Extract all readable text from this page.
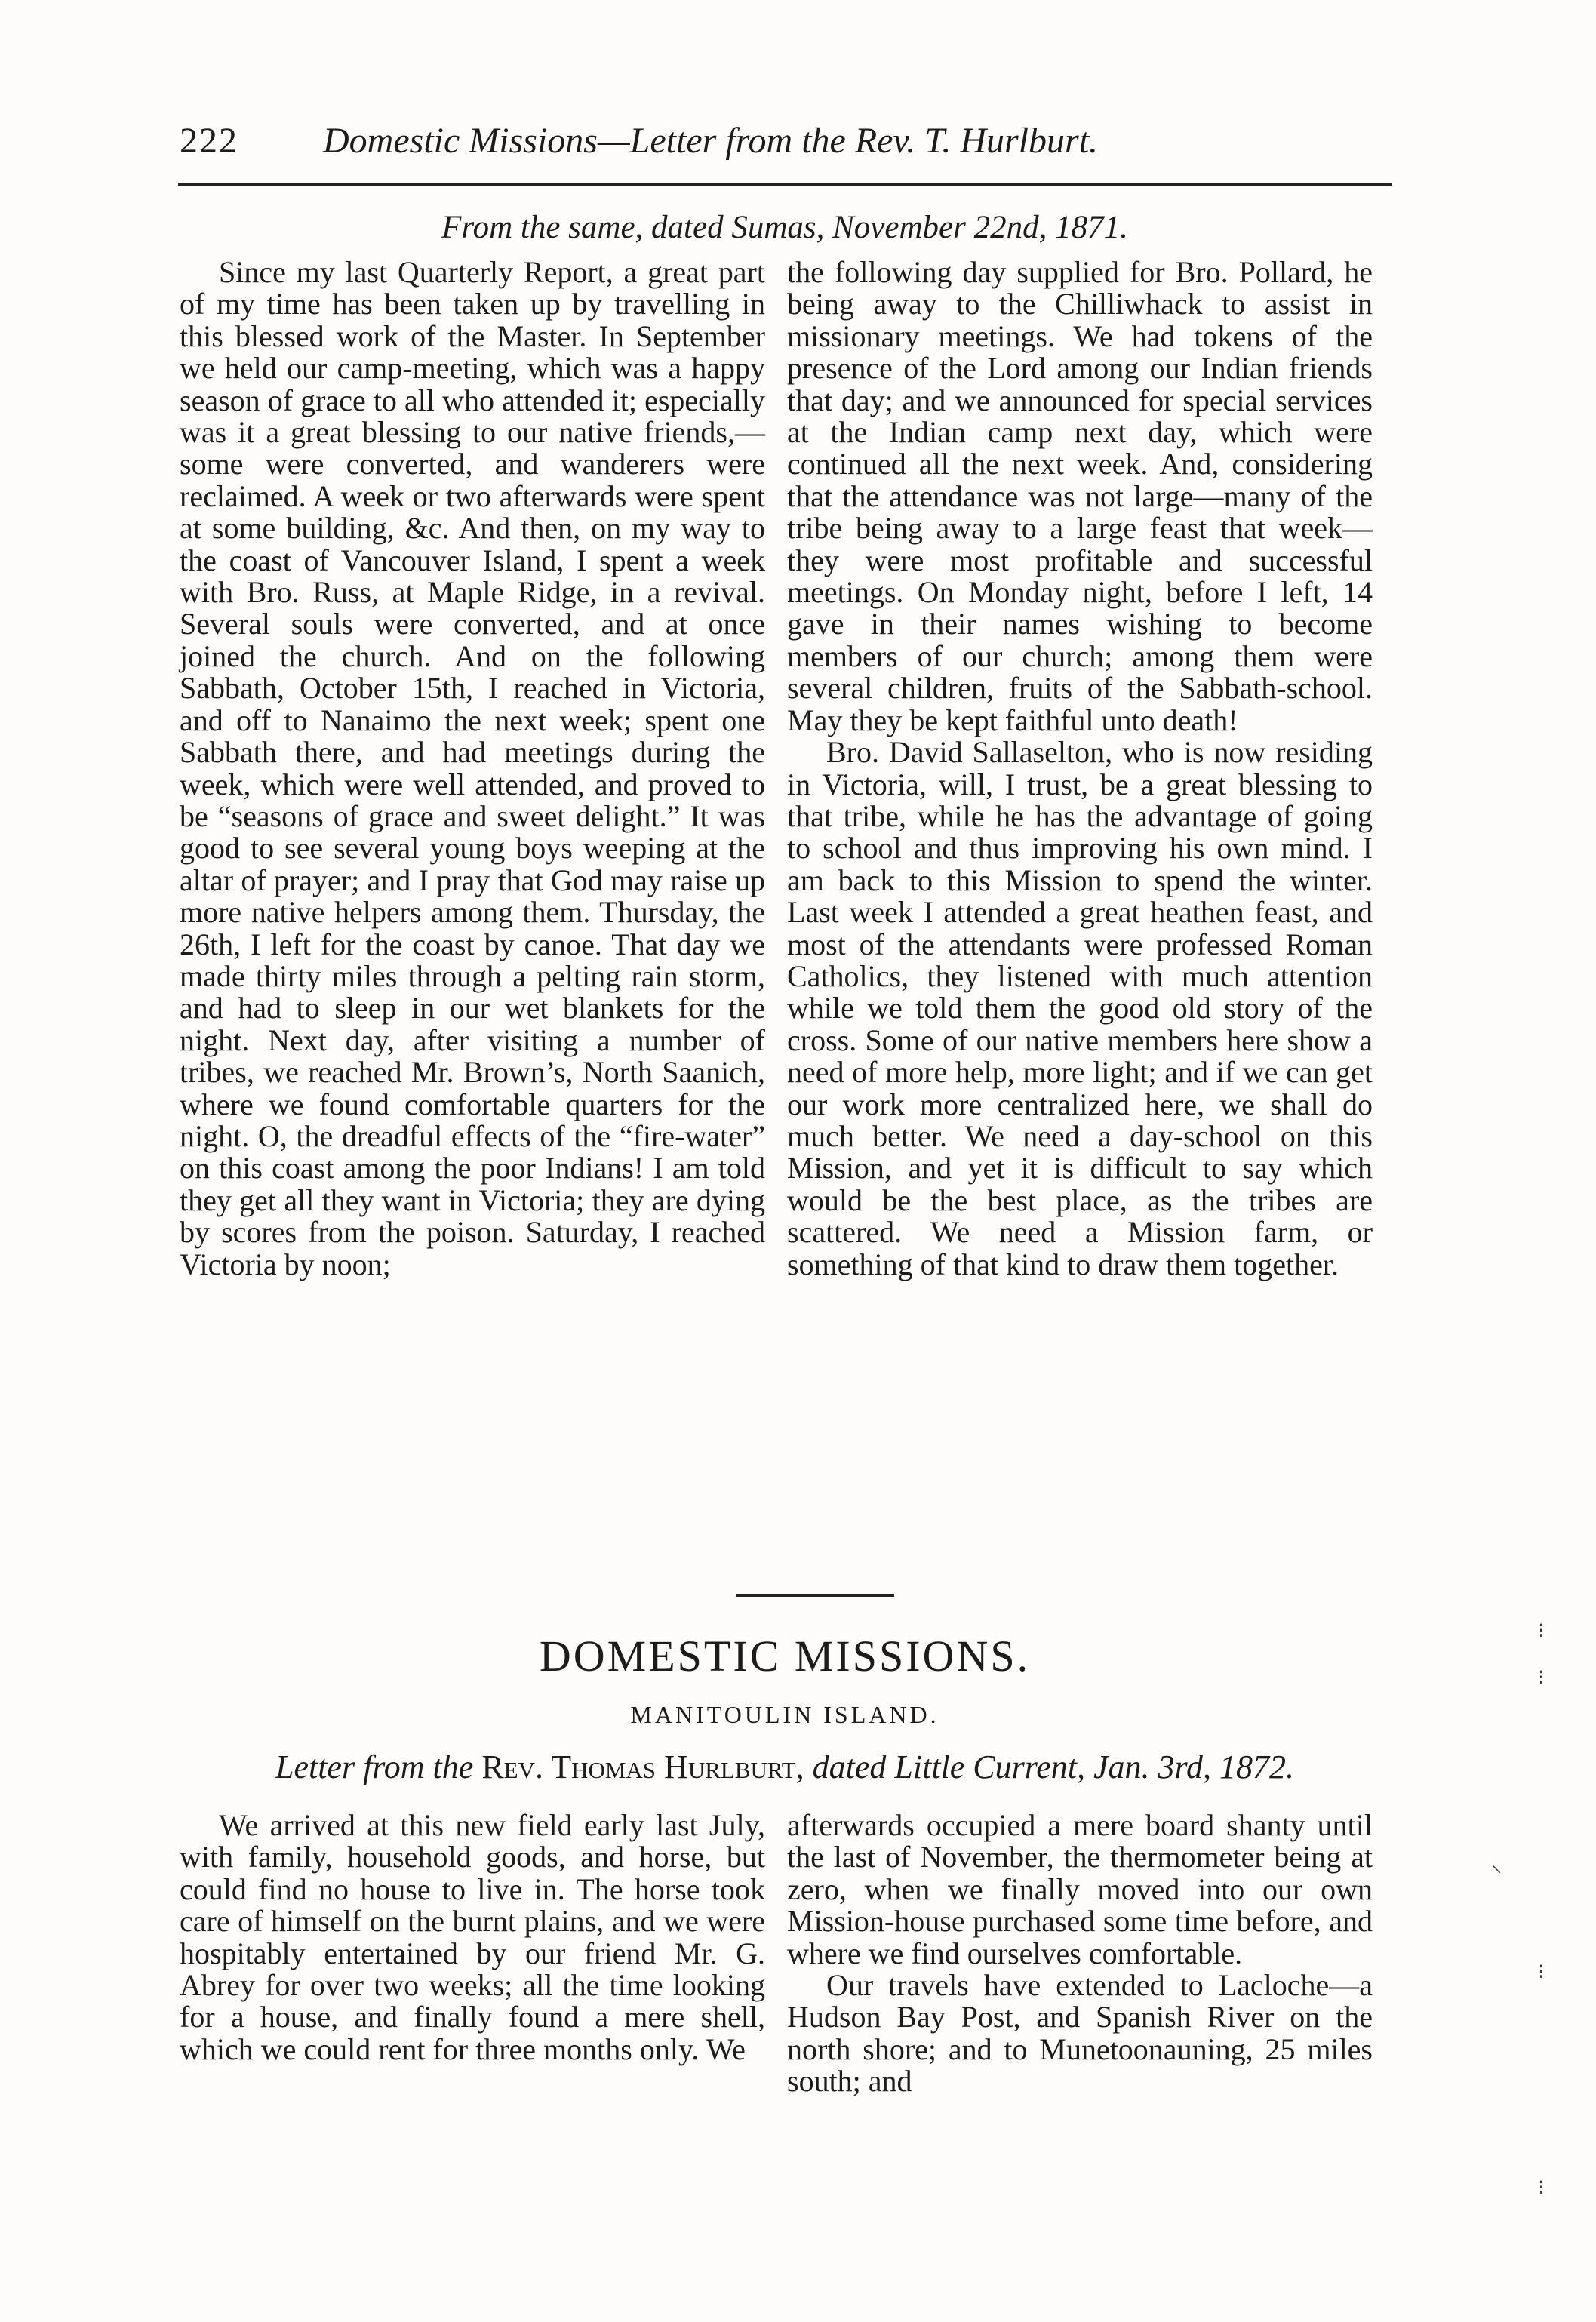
222 Domestic Missions—Letter from the Rev. T. Hurlburt.
From the same, dated Sumas, November 22nd, 1871.

Since my last Quarterly Report, a great part of my time has been taken up by travelling in this blessed work of the Master. In September we held our camp-meeting, which was a happy season of grace to all who attended it; especially was it a great blessing to our native friends,—some were converted, and wanderers were reclaimed. A week or two afterwards were spent at some building, &c. And then, on my way to the coast of Vancouver Island, I spent a week with Bro. Russ, at Maple Ridge, in a revival. Several souls were converted, and at once joined the church. And on the following Sabbath, October 15th, I reached in Victoria, and off to Nanaimo the next week; spent one Sabbath there, and had meetings during the week, which were well attended, and proved to be “seasons of grace and sweet delight.” It was good to see several young boys weeping at the altar of prayer; and I pray that God may raise up more native helpers among them. Thursday, the 26th, I left for the coast by canoe. That day we made thirty miles through a pelting rain storm, and had to sleep in our wet blankets for the night. Next day, after visiting a number of tribes, we reached Mr. Brown’s, North Saanich, where we found comfortable quarters for the night. O, the dreadful effects of the “fire-water” on this coast among the poor Indians! I am told they get all they want in Victoria; they are dying by scores from the poison. Saturday, I reached Victoria by noon;

the following day supplied for Bro. Pollard, he being away to the Chilliwhack to assist in missionary meetings. We had tokens of the presence of the Lord among our Indian friends that day; and we announced for special services at the Indian camp next day, which were continued all the next week. And, considering that the attendance was not large—many of the tribe being away to a large feast that week—they were most profitable and successful meetings. On Monday night, before I left, 14 gave in their names wishing to become members of our church; among them were several children, fruits of the Sabbath-school. May they be kept faithful unto death!

Bro. David Sallaselton, who is now residing in Victoria, will, I trust, be a great blessing to that tribe, while he has the advantage of going to school and thus improving his own mind. I am back to this Mission to spend the winter. Last week I attended a great heathen feast, and most of the attendants were professed Roman Catholics, they listened with much attention while we told them the good old story of the cross. Some of our native members here show a need of more help, more light; and if we can get our work more centralized here, we shall do much better. We need a day-school on this Mission, and yet it is difficult to say which would be the best place, as the tribes are scattered. We need a Mission farm, or something of that kind to draw them together.

DOMESTIC MISSIONS.
MANITOULIN ISLAND.
Letter from the Rev. Thomas Hurlburt, dated Little Current, Jan. 3rd, 1872.

We arrived at this new field early last July, with family, household goods, and horse, but could find no house to live in. The horse took care of himself on the burnt plains, and we were hospitably entertained by our friend Mr. G. Abrey for over two weeks; all the time looking for a house, and finally found a mere shell, which we could rent for three months only. We

afterwards occupied a mere board shanty until the last of November, the thermometer being at zero, when we finally moved into our own Mission-house purchased some time before, and where we find ourselves comfortable.

Our travels have extended to Lacloche—a Hudson Bay Post, and Spanish River on the north shore; and to Munetoonauning, 25 miles south; and

⁝
⁝
⸜
⁝
⁝
